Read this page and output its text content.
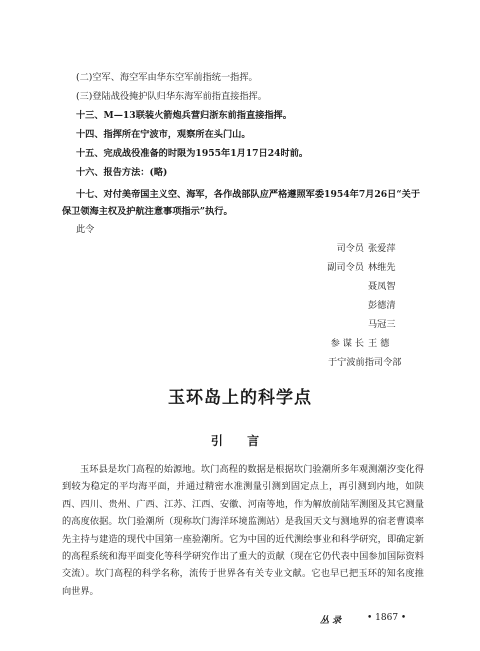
(二)空军、海空军由华东空军前指统一指挥。
(三)登陆战役掩护队归华东海军前指直接指挥。
十三、M—13联装火箭炮兵营归浙东前指直接指挥。
十四、指挥所在宁波市，观察所在头门山。
十五、完成战役准备的时限为1955年1月17日24时前。
十六、报告方法：(略)
十七、对付美帝国主义空、海军，各作战部队应严格遵照军委1954年7月26日“关于保卫领海主权及护航注意事项指示”执行。
此令
司令员 张爱萍
副司令员 林维先
聂凤智
彭德清
马冠三
参 谋 长 王 德
于宁波前指司令部
玉环岛上的科学点
引 言
玉环县是坎门高程的始源地。坎门高程的数据是根据坎门验潮所多年观测潮汐变化得到较为稳定的平均海平面，并通过精密水准测量引测到固定点上，再引测到内地，如陕西、四川、贵州、广西、江苏、江西、安徽、河南等地，作为解放前陆军测图及其它测量的高度依据。坎门验潮所（现称坎门海洋环境监测站）是我国天文与测地界的宿老曹谟率先主持与建造的现代中国第一座验潮所。它为中国的近代测绘事业和科学研究，即确定新的高程系统和海平面变化等科学研究作出了重大的贡献（现在它仍代表中国参加国际资料交流）。坎门高程的科学名称，流传于世界各有关专业文献。它也早已把玉环的知名度推向世界。
丛 录	• 1867 •
